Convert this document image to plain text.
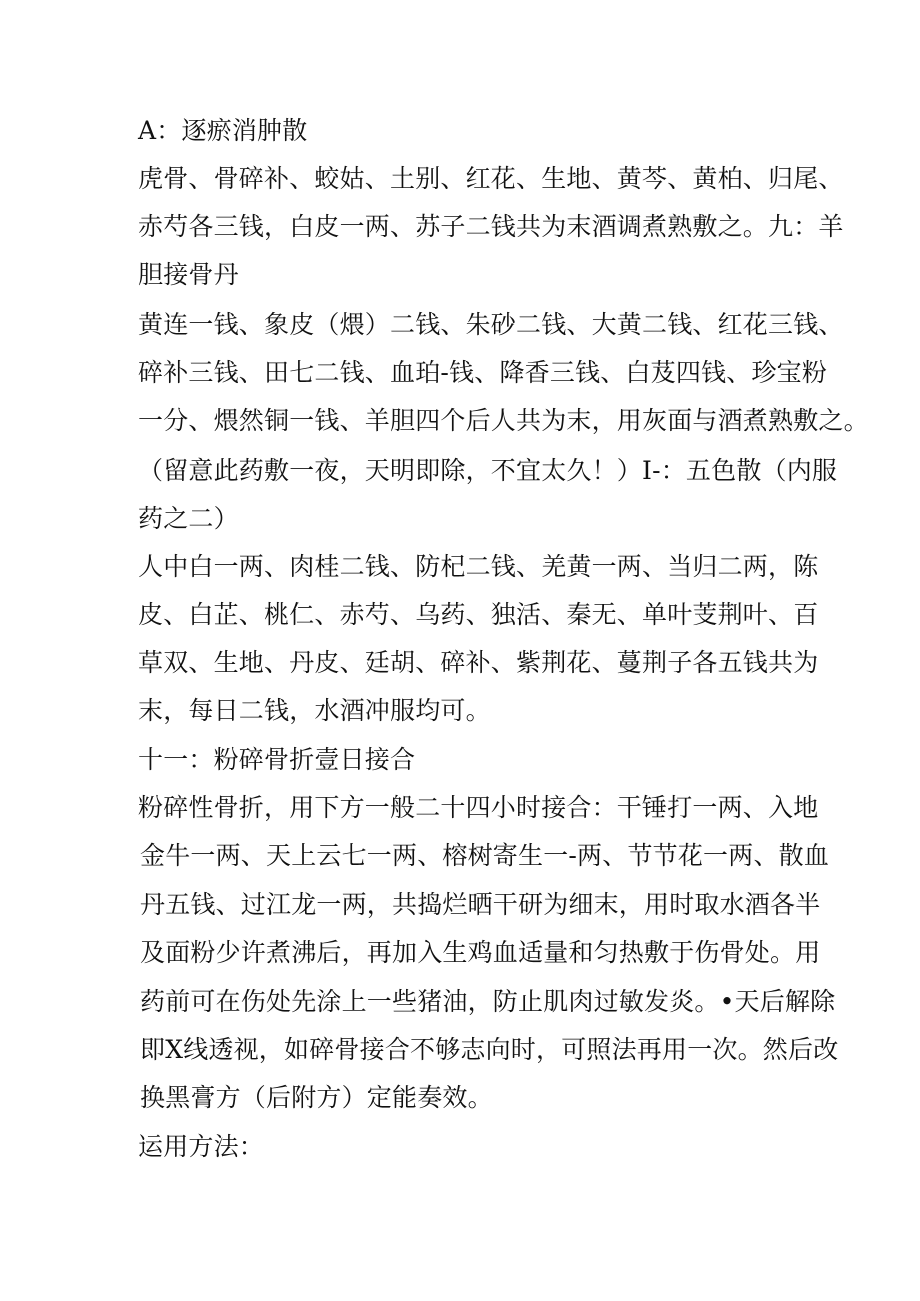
A：逐瘀消肿散
虎骨、骨碎补、蛟姑、土别、红花、生地、黄芩、黄柏、归尾、
赤芍各三钱，白皮一两、苏子二钱共为末酒调煮熟敷之。九：羊
胆接骨丹
黄连一钱、象皮（煨）二钱、朱砂二钱、大黄二钱、红花三钱、
碎补三钱、田七二钱、血珀-钱、降香三钱、白芨四钱、珍宝粉
一分、煨然铜一钱、羊胆四个后人共为末，用灰面与酒煮熟敷之。
（留意此药敷一夜，天明即除，不宜太久！）I-：五色散（内服
药之二）
人中白一两、肉桂二钱、防杞二钱、羌黄一两、当归二两，陈
皮、白芷、桃仁、赤芍、乌药、独活、秦无、单叶芰荆叶、百
草双、生地、丹皮、廷胡、碎补、紫荆花、蔓荆子各五钱共为
末，每日二钱，水酒冲服均可。
十一：粉碎骨折壹日接合
粉碎性骨折，用下方一般二十四小时接合：干锤打一两、入地
金牛一两、天上云七一两、榕树寄生一-两、节节花一两、散血
丹五钱、过江龙一两，共捣烂晒干研为细末，用时取水酒各半
及面粉少许煮沸后，再加入生鸡血适量和匀热敷于伤骨处。用
药前可在伤处先涂上一些猪油，防止肌肉过敏发炎。•天后解除
即X线透视，如碎骨接合不够志向时，可照法再用一次。然后改
换黑膏方（后附方）定能奏效。
运用方法：
